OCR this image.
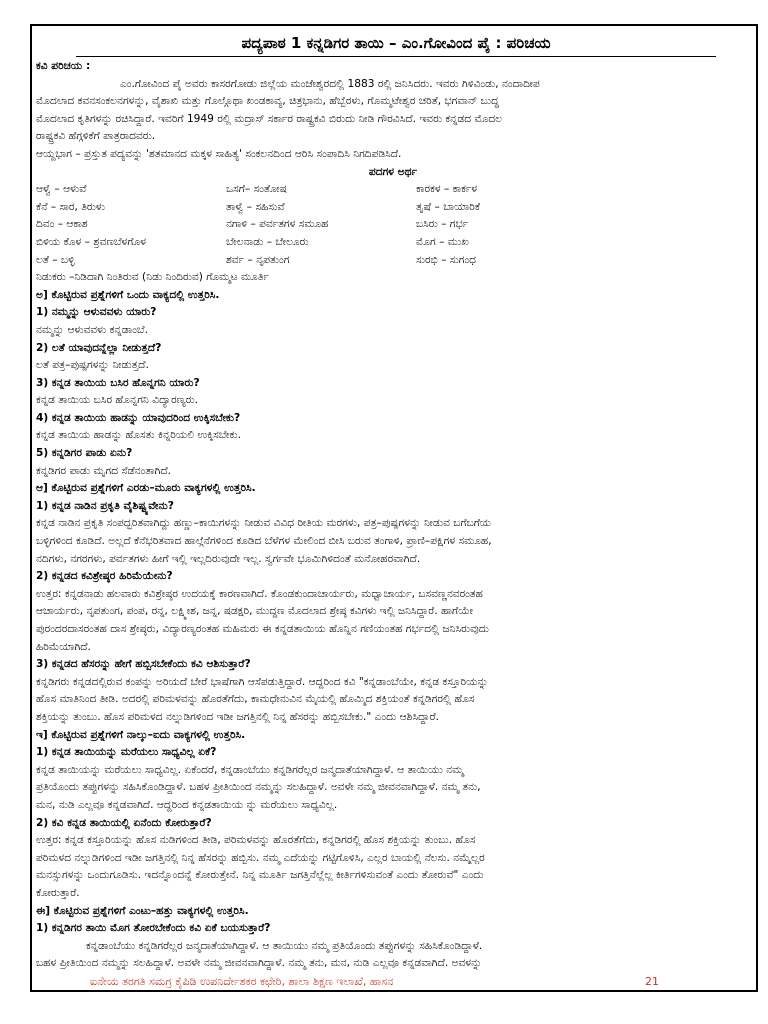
ಪದ್ಯಪಾಠ 1 ಕನ್ನಡಿಗರ ತಾಯಿ – ಎಂ.ಗೋವಿಂದ ಪೈ : ಪರಿಚಯ
ಕವಿ ಪರಿಚಯ :
ಎಂ.ಗೋವಿಂದ ಪೈ ಅವರು ಕಾಸರಗೋಡು ಜಿಲ್ಲೆಯ ಮಂಜೇಶ್ವರದಲ್ಲಿ 1883 ರಲ್ಲಿ ಜನಿಸಿದರು. ಇವರು ಗಿಳಿವಿಂಡು, ನಂದಾದೀಪ
ಮೊದಲಾದ ಕವನಸಂಕಲನಗಳನ್ನು, ವೈಶಾಖಿ ಮತ್ತು ಗೊಲ್ಗೊಥಾ ಖಂಡಕಾವ್ಯ, ಚಿತ್ರಭಾನು, ಹೆಬ್ಬೆರಳು, ಗೊಮ್ಮಟೇಶ್ವರ ಚರಿತೆ, ಭಗವಾನ್ ಬುದ್ಧ
ಮೊದಲಾದ ಕೃತಿಗಳನ್ನು ರಚಿಸಿದ್ದಾರೆ. ಇವರಿಗೆ 1949 ರಲ್ಲಿ ಮದ್ರಾಸ್ ಸರ್ಕಾರ ರಾಷ್ಟ್ರಕವಿ ಬಿರುದು ನೀಡಿ ಗೌರವಿಸಿದೆ. ಇವರು ಕನ್ನಡದ ಮೊದಲ
ರಾಷ್ಟ್ರಕವಿ ಹೆಗ್ಗಳಿಕೆಗೆ ಪಾತ್ರರಾದವರು.
ಆಯ್ದಭಾಗ – ಪ್ರಸ್ತುತ ಪದ್ಯವನ್ನು 'ಶತಮಾನದ ಮಕ್ಕಳ ಸಾಹಿತ್ಯ' ಸಂಕಲನದಿಂದ ಆರಿಸಿ ಸಂಪಾದಿಸಿ ನಿಗದಿಪಡಿಸಿದೆ.
ಪದಗಳ ಅರ್ಥ
ಆಳ್ವೆ – ಆಳುವೆ	ಒಸಗೆ– ಸಂತೋಷ	ಕಾರಕಳ – ಕಾರ್ಕಳ
ಕೆನೆ – ಸಾರ, ತಿರುಳು	ತಾಳ್ವೆ – ಸಹಿಸುವೆ	ತೃಷೆ – ಬಾಯಾರಿಕೆ
ದಿವಂ – ಆಕಾಶ	ನಗಾಳಿ – ಪರ್ವತಗಳ ಸಮೂಹ	ಬಸಿರು – ಗರ್ಭ
ಬಿಳಿಯ ಕೊಳ – ಶ್ರವಣಬೆಳಗೊಳ	ಬೇಲನಾಡು – ಬೇಲೂರು	ಮೊಗ – ಮುಖ
ಲತೆ – ಬಳ್ಳಿ	ಶರ್ವ – ನೃಪತುಂಗ	ಸುರಭಿ – ಸುಗಂಧ
ನಿಡುಕರು –ನಿಡಿದಾಗಿ ನಿಂತಿರುವ (ನಿಡು ನಿಂದಿರುವ) ಗೊಮ್ಮಟ ಮೂರ್ತಿ
ಅ] ಕೊಟ್ಟಿರುವ ಪ್ರಶ್ನೆಗಳಿಗೆ ಒಂದು ವಾಕ್ಯದಲ್ಲಿ ಉತ್ತರಿಸಿ.
1) ನಮ್ಮನ್ನು ಆಳುವವಳು ಯಾರು?
ನಮ್ಮನ್ನು ಆಳುವವಳು ಕನ್ನಡಾಂಬೆ.
2) ಲತೆ ಯಾವುದನ್ನೆಲ್ಲಾ ನೀಡುತ್ತದೆ?
ಲತೆ ಪತ್ರ–ಪುಷ್ಪಗಳನ್ನು ನೀಡುತ್ತದೆ.
3) ಕನ್ನಡ ತಾಯಿಯ ಬಸಿರ ಹೊನ್ನಗನಿ ಯಾರು?
ಕನ್ನಡ ತಾಯಿಯ ಬಸಿರ ಹೊನ್ನಗನಿ ವಿದ್ಯಾರಣ್ಯರು.
4) ಕನ್ನಡ ತಾಯಿಯ ಹಾಡನ್ನು ಯಾವುದರಿಂದ ಉಕ್ಕಿಸಬೇಕು?
ಕನ್ನಡ ತಾಯಿಯ ಹಾಡನ್ನು ಹೊಸತು ಕಿನ್ನರಿಯಲಿ ಉಕ್ಕಿಸಬೇಕು.
5) ಕನ್ನಡಿಗರ ಪಾಡು ಏನು?
ಕನ್ನಡಿಗರ ಪಾಡು ಮೃಗದ ಸೆಡೆನಂತಾಗಿದೆ.
ಆ] ಕೊಟ್ಟಿರುವ ಪ್ರಶ್ನೆಗಳಿಗೆ ಎರಡು–ಮೂರು ವಾಕ್ಯಗಳಲ್ಲಿ ಉತ್ತರಿಸಿ.
1) ಕನ್ನಡ ನಾಡಿನ ಪ್ರಕೃತಿ ವೈಶಿಷ್ಟ್ಯವೇನು?
ಕನ್ನಡ ನಾಡಿನ ಪ್ರಕೃತಿ ಸಂಪದ್ಭರಿತವಾಗಿದ್ದು ಹಣ್ಣು–ಕಾಯಿಗಳನ್ನು ನೀಡುವ ವಿವಿಧ ರೀತಿಯ ಮರಗಳು, ಪತ್ರ–ಪುಷ್ಪಗಳನ್ನು ನೀಡುವ ಬಗೆಬಗೆಯ
ಬಳ್ಳಿಗಳಿಂದ ಕೂಡಿದೆ. ಅಲ್ಲದೆ ಕೆನೆಭರಿತವಾದ ಹಾಲ್ಗೆನೆಗಳಿಂದ ಕೂಡಿದ ಬೆಳೆಗಳ ಮೇಲಿಂದ ಬೀಸಿ ಬರುವ ತಂಗಾಳಿ, ಪ್ರಾಣಿ–ಪಕ್ಷಿಗಳ ಸಮೂಹ,
ನದಿಗಳು, ನಗರಗಳು, ಪರ್ವತಗಳು ಹೀಗೆ ಇಲ್ಲಿ ಇಲ್ಲದಿರುವುದೇ ಇಲ್ಲ. ಸ್ವರ್ಗವೇ ಭೂಮಿಗಿಳಿದಂತೆ ಮನೋಹರವಾಗಿದೆ.
2) ಕನ್ನಡದ ಕವಿಶ್ರೇಷ್ಠರ ಹಿರಿಮೆಯೇನು?
ಉತ್ತರ: ಕನ್ನಡನಾಡು ಹಲವಾರು ಕವಿಶ್ರೇಷ್ಠರ ಉದಯಕ್ಕೆ ಕಾರಣವಾಗಿದೆ. ಕೊಂಡಕುಂದಾಚಾರ್ಯರು, ಮಧ್ವಾಚಾರ್ಯ, ಬಸವಣ್ಣನವರಂತಹ
ಆಚಾರ್ಯರು, ನೃಪತುಂಗ, ಪಂಪ, ರನ್ನ, ಲಕ್ಷ್ಮೀಶ, ಜನ್ನ, ಷಡಕ್ಷರಿ, ಮುದ್ದಣ ಮೊದಲಾದ ಶ್ರೇಷ್ಠ ಕವಿಗಳು ಇಲ್ಲಿ ಜನಿಸಿದ್ದಾರೆ. ಹಾಗೆಯೇ
ಪುರಂದರದಾಸರಂತಹ ದಾಸ ಶ್ರೇಷ್ಠರು, ವಿದ್ಯಾರಣ್ಯರಂತಹ ಮಹಿಮರು ಈ ಕನ್ನಡತಾಯಿಯ ಹೊನ್ನಿನ ಗಣಿಯಂತಹ ಗರ್ಭದಲ್ಲಿ ಜನಿಸಿರುವುದು
ಹಿರಿಮೆಯಾಗಿದೆ.
3) ಕನ್ನಡದ ಹೆಸರನ್ನು ಹೇಗೆ ಹಬ್ಬಿಸಬೇಕೆಂದು ಕವಿ ಆಶಿಸುತ್ತಾರೆ?
ಕನ್ನಡಿಗರು ಕನ್ನಡದಲ್ಲಿರುವ ಕಂಪನ್ನು ಅರಿಯದೆ ಬೇರೆ ಭಾಷೆಗಾಗಿ ಆಸೆಪಡುತ್ತಿದ್ದಾರೆ. ಆದ್ದರಿಂದ ಕವಿ "ಕನ್ನಡಾಂಬೆಯೇ, ಕನ್ನಡ ಕಸ್ತೂರಿಯನ್ನು
ಹೊಸ ಮಾತಿನಿಂದ ತೀಡಿ. ಅದರಲ್ಲಿ ಪರಿಮಳವನ್ನು ಹೊರತೆಗೆದು, ಕಾಮಧೇನುವಿನ ಮೈಯಲ್ಲಿ ಹೊಮ್ಮಿದ ಶಕ್ತಿಯಂತೆ ಕನ್ನಡಿಗರಲ್ಲಿ ಹೊಸ
ಶಕ್ತಿಯನ್ನು ತುಂಬು. ಹೊಸ ಪರಿಮಳದ ನಲ್ನುಡಿಗಳಿಂದ ಇಡೀ ಜಗತ್ತಿನಲ್ಲಿ ನಿನ್ನ ಹೆಸರನ್ನು ಹಬ್ಬಿಸಬೇಕು." ಎಂದು ಆಶಿಸಿದ್ದಾರೆ.
ಇ] ಕೊಟ್ಟಿರುವ ಪ್ರಶ್ನೆಗಳಿಗೆ ನಾಲ್ಕು–ಐದು ವಾಕ್ಯಗಳಲ್ಲಿ ಉತ್ತರಿಸಿ.
1) ಕನ್ನಡ ತಾಯಿಯನ್ನು ಮರೆಯಲು ಸಾಧ್ಯವಿಲ್ಲ ಏಕೆ?
ಕನ್ನಡ ತಾಯಿಯನ್ನು ಮರೆಯಲು ಸಾಧ್ಯವಿಲ್ಲ. ಏಕೆಂದರೆ, ಕನ್ನಡಾಂಬೆಯು ಕನ್ನಡಿಗರೆಲ್ಲರ ಜನ್ಮದಾತೆಯಾಗಿದ್ದಾಳೆ. ಆ ತಾಯಿಯು ನಮ್ಮ
ಪ್ರತಿಯೊಂದು ತಪ್ಪುಗಳನ್ನು ಸಹಿಸಿಕೊಂಡಿದ್ದಾಳೆ. ಬಹಳ ಪ್ರೀತಿಯಿಂದ ನಮ್ಮನ್ನು ಸಲಹಿದ್ದಾಳೆ. ಅವಳೇ ನಮ್ಮ ಜೀವನವಾಗಿದ್ದಾಳೆ. ನಮ್ಮ ತನು,
ಮನ, ನುಡಿ ಎಲ್ಲವೂ ಕನ್ನಡವಾಗಿದೆ. ಆದ್ದರಿಂದ ಕನ್ನಡತಾಯಿಯ ನ್ನು ಮರೆಯಲು ಸಾಧ್ಯವಿಲ್ಲ.
2) ಕವಿ ಕನ್ನಡ ತಾಯಿಯಲ್ಲಿ ಏನೆಂದು ಕೋರುತ್ತಾರೆ?
ಉತ್ತರ: ಕನ್ನಡ ಕಸ್ತೂರಿಯನ್ನು ಹೊಸ ನುಡಿಗಳಿಂದ ತೀಡಿ, ಪರಿಮಳವನ್ನು ಹೊರತೆಗೆದು, ಕನ್ನಡಿಗರಲ್ಲಿ ಹೊಸ ಶಕ್ತಿಯನ್ನು ತುಂಬು. ಹೊಸ
ಪರಿಮಳದ ನಲ್ನುಡಿಗಳಿಂದ ಇಡೀ ಜಗತ್ತಿನಲ್ಲಿ ನಿನ್ನ ಹೆಸರನ್ನು ಹಬ್ಬಿಸು. ನಮ್ಮ ಎದೆಯನ್ನು ಗಟ್ಟಿಗೊಳಿಸಿ, ಎಲ್ಲರ ಬಾಯಲ್ಲಿ ನೆಲಸು. ನಮ್ಮೆಲ್ಲರ
ಮನಸ್ಸುಗಳನ್ನು ಒಂದುಗೂಡಿಸು. ಇದನ್ನೊಂದನ್ನೆ ಕೋರುತ್ತೇನೆ. ನಿನ್ನ ಮೂರ್ತಿ ಜಗತ್ತಿನೆಲ್ಲೆಲ್ಲ ಕೀರ್ತಿಗಳಿಸುವಂತೆ ಎಂದು ತೋರುವೆ" ಎಂದು
ಕೋರುತ್ತಾರೆ.
ಈ] ಕೊಟ್ಟಿರುವ ಪ್ರಶ್ನೆಗಳಿಗೆ ಎಂಟು–ಹತ್ತು ವಾಕ್ಯಗಳಲ್ಲಿ ಉತ್ತರಿಸಿ.
1) ಕನ್ನಡಿಗರ ತಾಯಿ ಮೊಗ ತೋರಬೇಕೆಂದು ಕವಿ ಏಕೆ ಬಯಸುತ್ತಾರೆ?
ಕನ್ನಡಾಂಬೆಯು ಕನ್ನಡಿಗರೆಲ್ಲರ ಜನ್ಮದಾತೆಯಾಗಿದ್ದಾಳೆ. ಆ ತಾಯಿಯು ನಮ್ಮ ಪ್ರತಿಯೊಂದು ತಪ್ಪುಗಳನ್ನು ಸಹಿಸಿಕೊಂಡಿದ್ದಾಳೆ.
ಬಹಳ ಪ್ರೀತಿಯಿಂದ ನಮ್ಮನ್ನು ಸಲಹಿದ್ದಾಳೆ. ಅವಳೇ ನಮ್ಮ ಜೀವನವಾಗಿದ್ದಾಳೆ. ನಮ್ಮ ತನು, ಮನ, ನುಡಿ ಎಲ್ಲವೂ ಕನ್ನಡವಾಗಿದೆ. ಅವಳನ್ನು
ಐನೇಯ ತರಗತಿ ಸಮಗ್ರ ಕೈಪಿಡಿ ಉಪನಿರ್ದೇಶಕರ ಕಛೇರಿ, ಶಾಲಾ ಶಿಕ್ಷಣ ಇಲಾಖೆ, ಹಾಸನ	21
